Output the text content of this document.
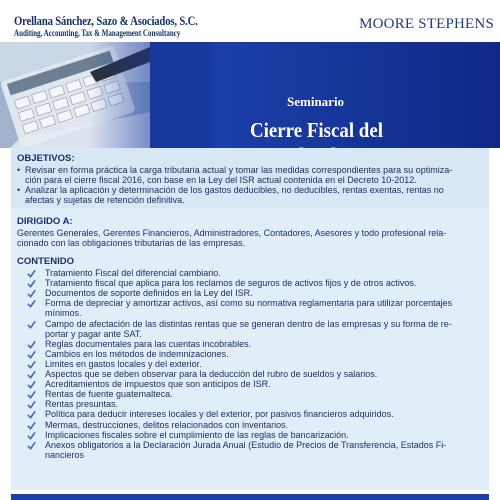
Orellana Sánchez, Sazo & Asociados, S.C.
Auditing, Accounting, Tax & Management Consultancy
MOORE STEPHENS
Seminario
Cierre Fiscal del
OBJETIVOS:
• Revisar en forma práctica la carga tributaria actual y tomar las medidas correspondientes para su optimiza-
ción para el cierre fiscal 2016, con base en la Ley del ISR actual contenida en el Decreto 10-2012.
• Analizar la aplicación y determinación de los gastos deducibles, no deducibles, rentas exentas, rentas no
afectas y sujetas de retención definitiva.
DIRIGIDO A:
Gerentes Generales, Gerentes Financieros, Administradores, Contadores, Asesores y todo profesional rela-
cionado con las obligaciones tributarias de las empresas.
CONTENIDO
Tratamiento Fiscal del diferencial cambiario.
Tratamiento fiscal que aplica para los reclamos de seguros de activos fijos y de otros activos.
Documentos de soporte definidos en la Ley del ISR.
Forma de depreciar y amortizar activos, así como su normativa reglamentaria para utilizar porcentajes
mínimos.
Campo de afectación de las distintas rentas que se generan dentro de las empresas y su forma de re-
portar y pagar ante SAT.
Reglas documentales para las cuentas incobrables.
Cambios en los métodos de indemnizaciones.
Limites en gastos locales y del exterior.
Aspectos que se deben observar para la deducción del rubro de sueldos y salarios.
Acreditamientos de impuestos que son anticipos de ISR.
Rentas de fuente guatemalteca.
Rentas presuntas.
Política para deducir intereses locales y del exterior, por pasivos financieros adquiridos.
Mermas, destrucciones, delitos relacionados con inventarios.
Implicaciones fiscales sobre el cumplimiento de las reglas de bancarización.
Anexos obligatorios a la Declaración Jurada Anual (Estudio de Precios de Transferencia, Estados Fi-
nancieros
